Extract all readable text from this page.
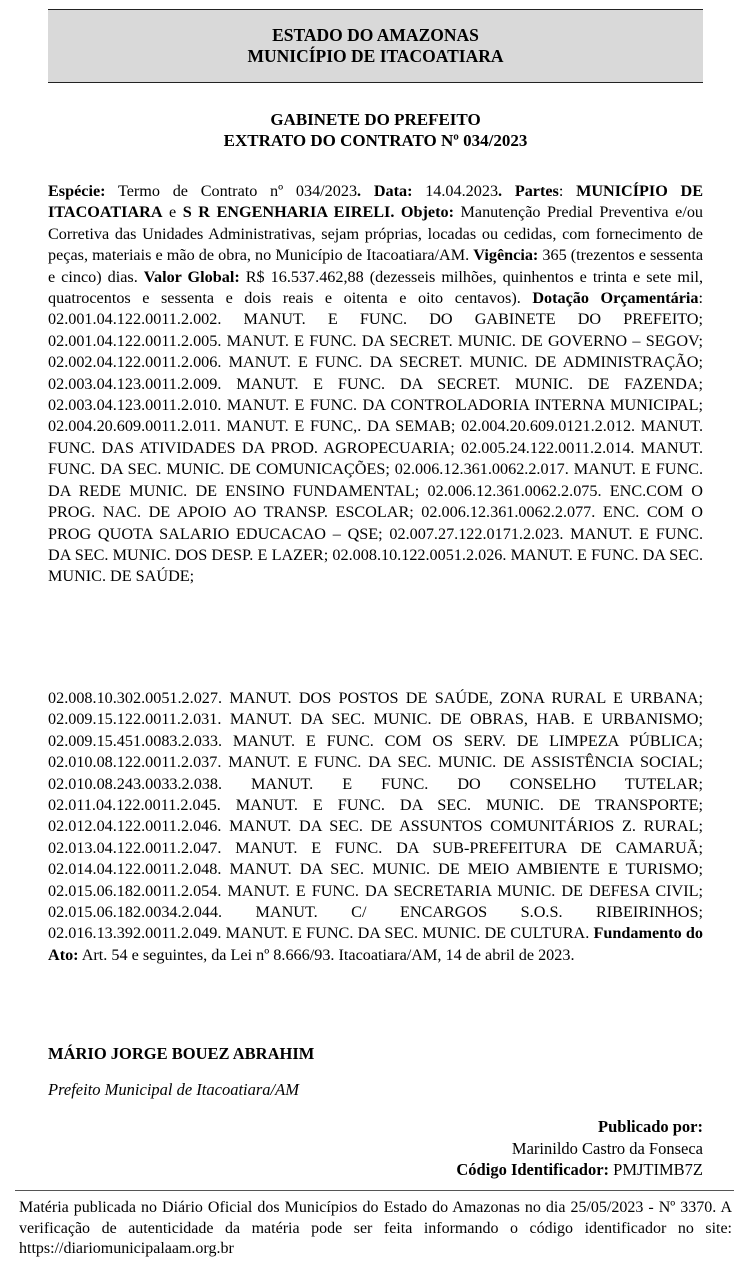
ESTADO DO AMAZONAS
MUNICÍPIO DE ITACOATIARA
GABINETE DO PREFEITO
EXTRATO DO CONTRATO Nº 034/2023

Espécie: Termo de Contrato nº 034/2023. Data: 14.04.2023. Partes: MUNICÍPIO DE ITACOATIARA e S R ENGENHARIA EIRELI. Objeto: Manutenção Predial Preventiva e/ou Corretiva das Unidades Administrativas, sejam próprias, locadas ou cedidas, com fornecimento de peças, materiais e mão de obra, no Município de Itacoatiara/AM. Vigência: 365 (trezentos e sessenta e cinco) dias. Valor Global: R$ 16.537.462,88 (dezesseis milhões, quinhentos e trinta e sete mil, quatrocentos e sessenta e dois reais e oitenta e oito centavos). Dotação Orçamentária: 02.001.04.122.0011.2.002. MANUT. E FUNC. DO GABINETE DO PREFEITO; 02.001.04.122.0011.2.005. MANUT. E FUNC. DA SECRET. MUNIC. DE GOVERNO – SEGOV; 02.002.04.122.0011.2.006. MANUT. E FUNC. DA SECRET. MUNIC. DE ADMINISTRAÇÃO; 02.003.04.123.0011.2.009. MANUT. E FUNC. DA SECRET. MUNIC. DE FAZENDA; 02.003.04.123.0011.2.010. MANUT. E FUNC. DA CONTROLADORIA INTERNA MUNICIPAL; 02.004.20.609.0011.2.011. MANUT. E FUNC,. DA SEMAB; 02.004.20.609.0121.2.012. MANUT. FUNC. DAS ATIVIDADES DA PROD. AGROPECUARIA; 02.005.24.122.0011.2.014. MANUT. FUNC. DA SEC. MUNIC. DE COMUNICAÇÕES; 02.006.12.361.0062.2.017. MANUT. E FUNC. DA REDE MUNIC. DE ENSINO FUNDAMENTAL; 02.006.12.361.0062.2.075. ENC.COM O PROG. NAC. DE APOIO AO TRANSP. ESCOLAR; 02.006.12.361.0062.2.077. ENC. COM O PROG QUOTA SALARIO EDUCACAO – QSE; 02.007.27.122.0171.2.023. MANUT. E FUNC. DA SEC. MUNIC. DOS DESP. E LAZER; 02.008.10.122.0051.2.026. MANUT. E FUNC. DA SEC. MUNIC. DE SAÚDE;

02.008.10.302.0051.2.027. MANUT. DOS POSTOS DE SAÚDE, ZONA RURAL E URBANA; 02.009.15.122.0011.2.031. MANUT. DA SEC. MUNIC. DE OBRAS, HAB. E URBANISMO; 02.009.15.451.0083.2.033. MANUT. E FUNC. COM OS SERV. DE LIMPEZA PÚBLICA; 02.010.08.122.0011.2.037. MANUT. E FUNC. DA SEC. MUNIC. DE ASSISTÊNCIA SOCIAL; 02.010.08.243.0033.2.038. MANUT. E FUNC. DO CONSELHO TUTELAR; 02.011.04.122.0011.2.045. MANUT. E FUNC. DA SEC. MUNIC. DE TRANSPORTE; 02.012.04.122.0011.2.046. MANUT. DA SEC. DE ASSUNTOS COMUNITÁRIOS Z. RURAL; 02.013.04.122.0011.2.047. MANUT. E FUNC. DA SUB-PREFEITURA DE CAMARUÃ; 02.014.04.122.0011.2.048. MANUT. DA SEC. MUNIC. DE MEIO AMBIENTE E TURISMO; 02.015.06.182.0011.2.054. MANUT. E FUNC. DA SECRETARIA MUNIC. DE DEFESA CIVIL; 02.015.06.182.0034.2.044. MANUT. C/ ENCARGOS S.O.S. RIBEIRINHOS; 02.016.13.392.0011.2.049. MANUT. E FUNC. DA SEC. MUNIC. DE CULTURA. Fundamento do Ato: Art. 54 e seguintes, da Lei nº 8.666/93. Itacoatiara/AM, 14 de abril de 2023.

MÁRIO JORGE BOUEZ ABRAHIM
Prefeito Municipal de Itacoatiara/AM
Publicado por:
Marinildo Castro da Fonseca
Código Identificador: PMJTIMB7Z

Matéria publicada no Diário Oficial dos Municípios do Estado do Amazonas no dia 25/05/2023 - Nº 3370. A verificação de autenticidade da matéria pode ser feita informando o código identificador no site: https://diariomunicipalaam.org.br
